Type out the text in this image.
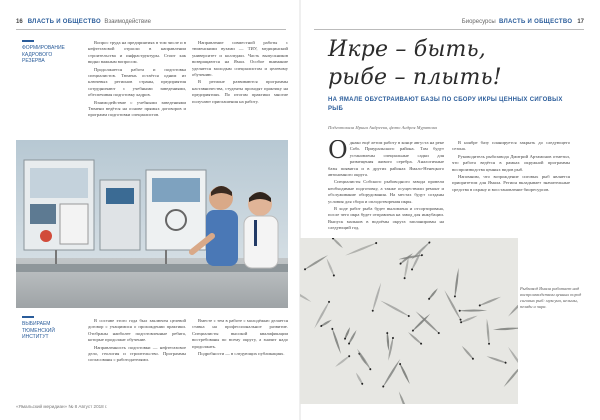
16 ВЛАСТЬ И ОБЩЕСТВО Взаимодействие
ФОРМИРОВАНИЕ КАДРОВОГО РЕЗЕРВА

Вопрос труда на предприятиях в том числе и в нефтегазовой отрасли в направлении строительства и инфраструктуры. Стоит как видно важным вопросом.

Продолжается работа и подготовка специалистов. Тюмень остаётся одним из ключевых регионов страны, предприятия сотрудничают с учебными заведениями, обеспечивая подготовку кадров.

Взаимодействие с учебными заведениями Тюмени ведётся на основе прямых договоров и программ подготовки специалистов.

Направление совместной работы с тюменскими вузами — ТИУ, медицинский университет и колледжи. Часть выпускников возвращаются на Ямал. Особое внимание уделяется молодым специалистам и целевому обучению.

В регионе развиваются программы наставничества, студенты проходят практику на предприятиях. По итогам практики многие получают приглашения на работу.

ВЫБИРАЕМ ТЮМЕНСКИЙ ИНСТИТУТ

В составе этого года был заключен целевой договор с учащимися о прохождении практики. Отобраны наиболее подготовленные ребята, которые продолжат обучение.

Направленность подготовки — нефтегазовое дело, геология и строительство. Программы согласованы с работодателями.

Вместе с тем в работе с молодёжью делается ставка на профессиональное развитие. Специалисты высокой квалификации востребованы по всему округу, а значит надо продолжать.

Подробности — в следующих публикациях.

«Ямальский меридиан» № 8 Август 2018 г.
Биоресурсы ВЛАСТЬ И ОБЩЕСТВО 17
Икре – быть,
рыбе – плыть!
НА ЯМАЛЕ ОБУСТРАИВАЮТ БАЗЫ ПО СБОРУ ИКРЫ ЦЕННЫХ СИГОВЫХ РЫБ
Подготовила Ирина Андреева, фото Андрея Муратова

Однако ещё летом работу в конце августа на реке Собь Приуральского района. Там будут установлены специальные садки для размещения живого серебра. Аналогичные базы появятся и в других районах Ямало-Ненецкого автономного округа.

Специалисты Собского рыбоводного завода провели необходимые подготовку, а также осуществили ремонт и обслуживание оборудования. На местах будут созданы условия для сбора и оплодотворения икры.

В ходе работ рыба будет выловлена и отсортирована, после чего икра будет отправлена на завод для инкубации. Выпуск мальков в водоёмы округа запланирован на следующий год.

В ноябре базу планируется закрыть до следующего сезона.

Руководитель рыбозавода Дмитрий Артамонов отметил, что работа ведётся в рамках окружной программы воспроизводства ценных видов рыб.

Напомним, что возрождение сиговых рыб является приоритетом для Ямала. Регион вкладывает значительные средства в охрану и восстановление биоресурсов.

Рыбзавод Ямала работает над воспроизводством ценных пород сиговых рыб: муксуна, нельмы, пеляди и чира.
